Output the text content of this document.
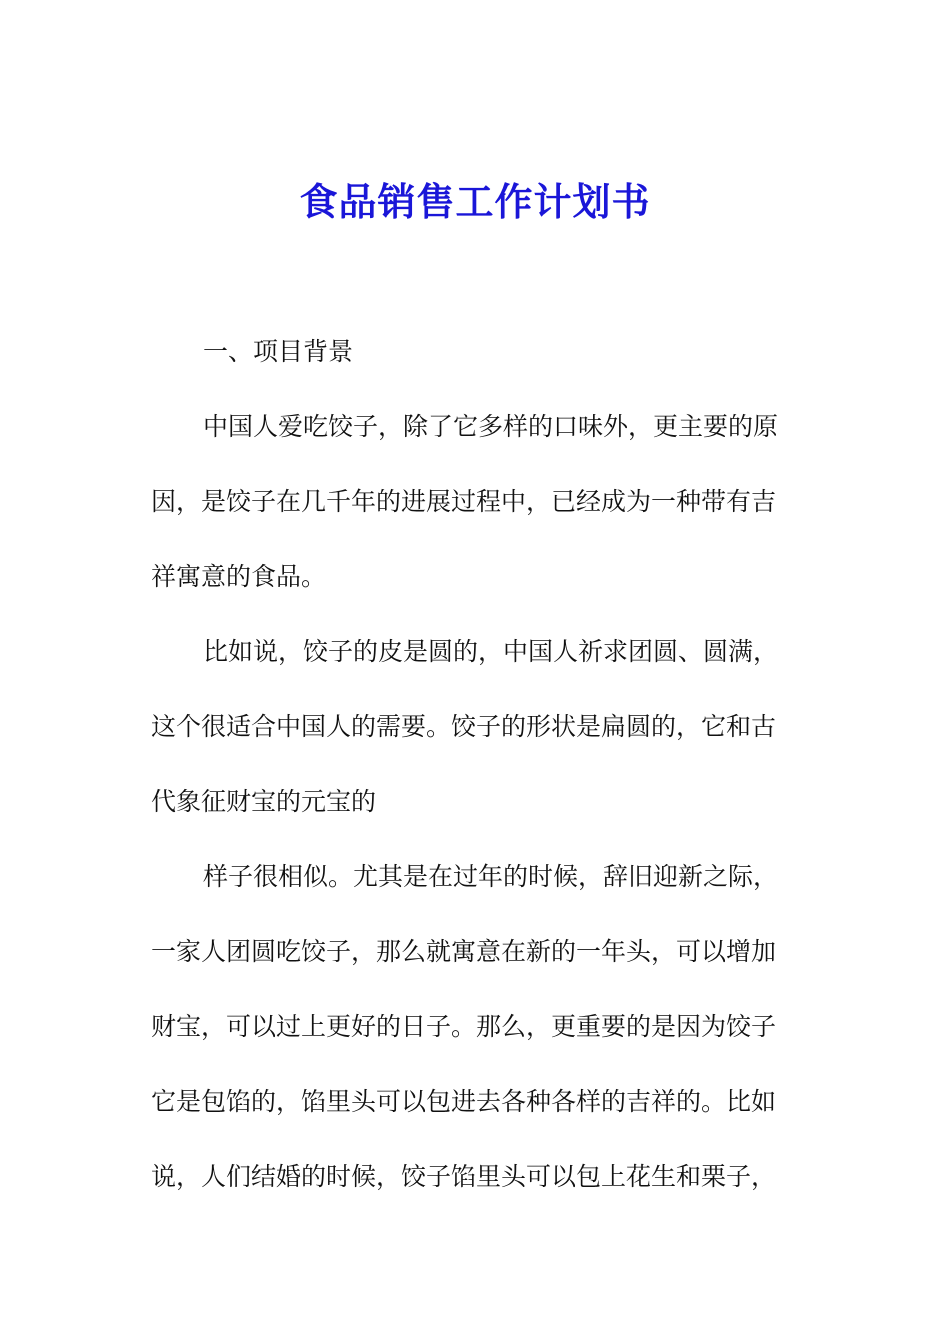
食品销售工作计划书
一、项目背景
中国人爱吃饺子，除了它多样的口味外，更主要的原
因，是饺子在几千年的进展过程中，已经成为一种带有吉
祥寓意的食品。
比如说，饺子的皮是圆的，中国人祈求团圆、圆满，
这个很适合中国人的需要。饺子的形状是扁圆的，它和古
代象征财宝的元宝的
样子很相似。尤其是在过年的时候，辞旧迎新之际，
一家人团圆吃饺子，那么就寓意在新的一年头，可以增加
财宝，可以过上更好的日子。那么，更重要的是因为饺子
它是包馅的，馅里头可以包进去各种各样的吉祥的。比如
说，人们结婚的时候，饺子馅里头可以包上花生和栗子，
